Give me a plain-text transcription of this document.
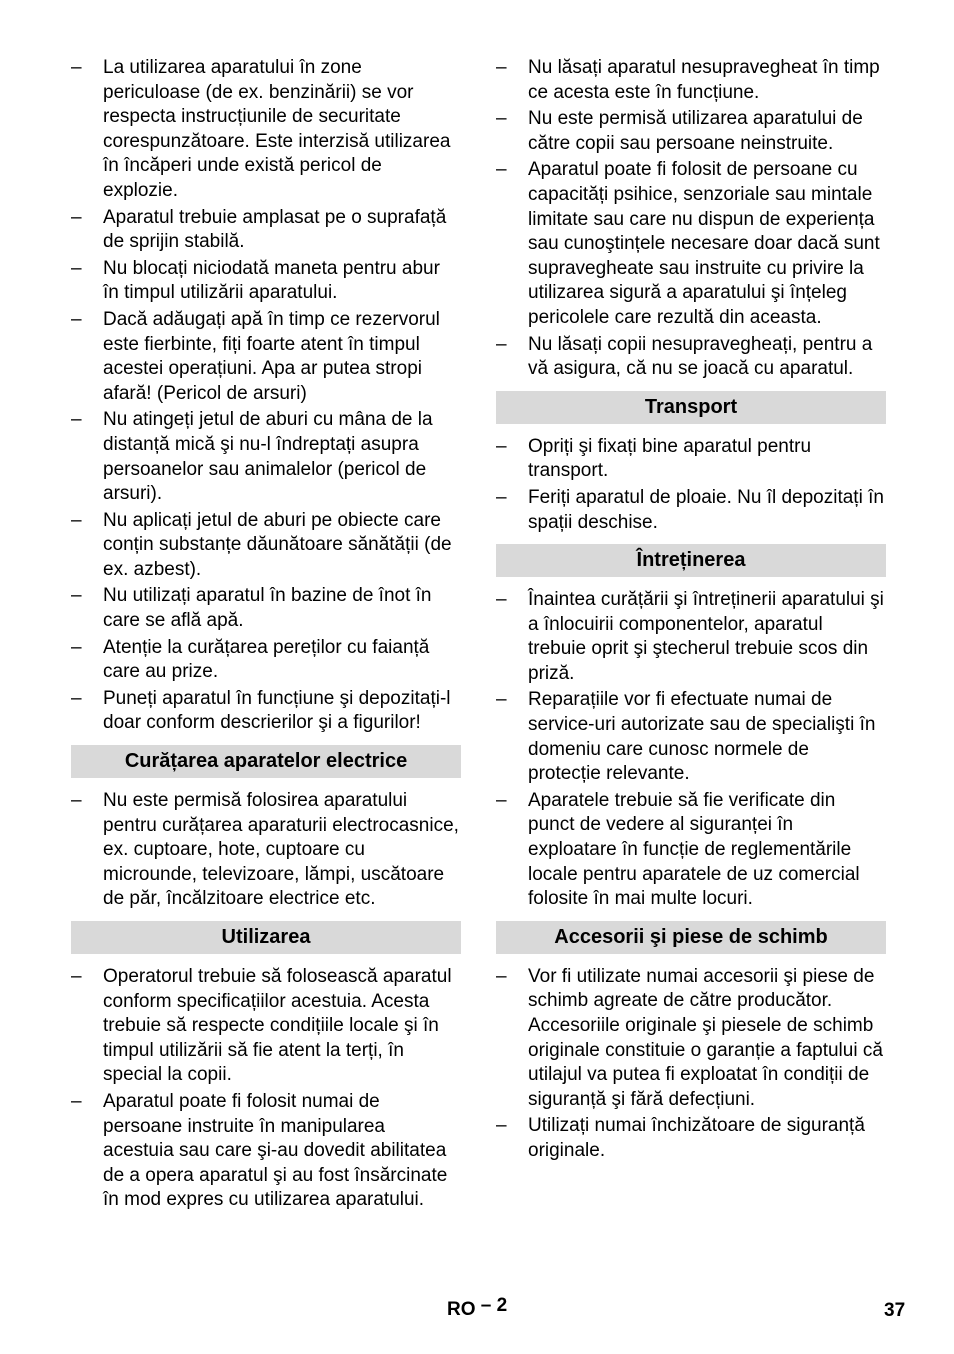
– La utilizarea aparatului în zone periculoase (de ex. benzinării) se vor respecta instrucțiunile de securitate corespunzătoare. Este interzisă utilizarea în încăperi unde există pericol de explozie.
– Aparatul trebuie amplasat pe o suprafață de sprijin stabilă.
– Nu blocați niciodată maneta pentru abur în timpul utilizării aparatului.
– Dacă adăugați apă în timp ce rezervorul este fierbinte, fiți foarte atent în timpul acestei operațiuni. Apa ar putea stropi afară! (Pericol de arsuri)
– Nu atingeți jetul de aburi cu mâna de la distanță mică şi nu-l îndreptați asupra persoanelor sau animalelor (pericol de arsuri).
– Nu aplicați jetul de aburi pe obiecte care conțin substanțe dăunătoare sănătății (de ex. azbest).
– Nu utilizați aparatul în bazine de înot în care se află apă.
– Atenție la curățarea pereților cu faianță care au prize.
– Puneți aparatul în funcțiune şi depozitați-l doar conform descrierilor şi a figurilor!
Curățarea aparatelor electrice
– Nu este permisă folosirea aparatului pentru curățarea aparaturii electrocasnice, ex. cuptoare, hote, cuptoare cu microunde, televizoare, lămpi, uscătoare de păr, încălzitoare electrice etc.
Utilizarea
– Operatorul trebuie să folosească aparatul conform specificațiilor acestuia. Acesta trebuie să respecte condițiile locale şi în timpul utilizării să fie atent la terți, în special la copii.
– Aparatul poate fi folosit numai de persoane instruite în manipularea acestuia sau care şi-au dovedit abilitatea de a opera aparatul şi au fost însărcinate în mod expres cu utilizarea aparatului.
– Nu lăsați aparatul nesupravegheat în timp ce acesta este în funcțiune.
– Nu este permisă utilizarea aparatului de către copii sau persoane neinstruite.
– Aparatul poate fi folosit de persoane cu capacități psihice, senzoriale sau mintale limitate sau care nu dispun de experiența sau cunoştințele necesare doar dacă sunt supravegheate sau instruite cu privire la utilizarea sigură a aparatului şi înțeleg pericolele care rezultă din aceasta.
– Nu lăsați copii nesupravegheați, pentru a vă asigura, că nu se joacă cu aparatul.
Transport
– Opriți şi fixați bine aparatul pentru transport.
– Feriți aparatul de ploaie. Nu îl depozitați în spații deschise.
Întreținerea
– Înaintea curățării şi întreținerii aparatului şi a înlocuirii componentelor, aparatul trebuie oprit şi ştecherul trebuie scos din priză.
– Reparațiile vor fi efectuate numai de service-uri autorizate sau de specialişti în domeniu care cunosc normele de protecție relevante.
– Aparatele trebuie să fie verificate din punct de vedere al siguranței în exploatare în funcție de reglementările locale pentru aparatele de uz comercial folosite în mai multe locuri.
Accesorii şi piese de schimb
– Vor fi utilizate numai accesorii şi piese de schimb agreate de către producător. Accesoriile originale şi piesele de schimb originale constituie o garanție a faptului că utilajul va putea fi exploatat în condiții de siguranță şi fără defecțiuni.
– Utilizați numai închizătoare de siguranță originale.
RO – 2	37
